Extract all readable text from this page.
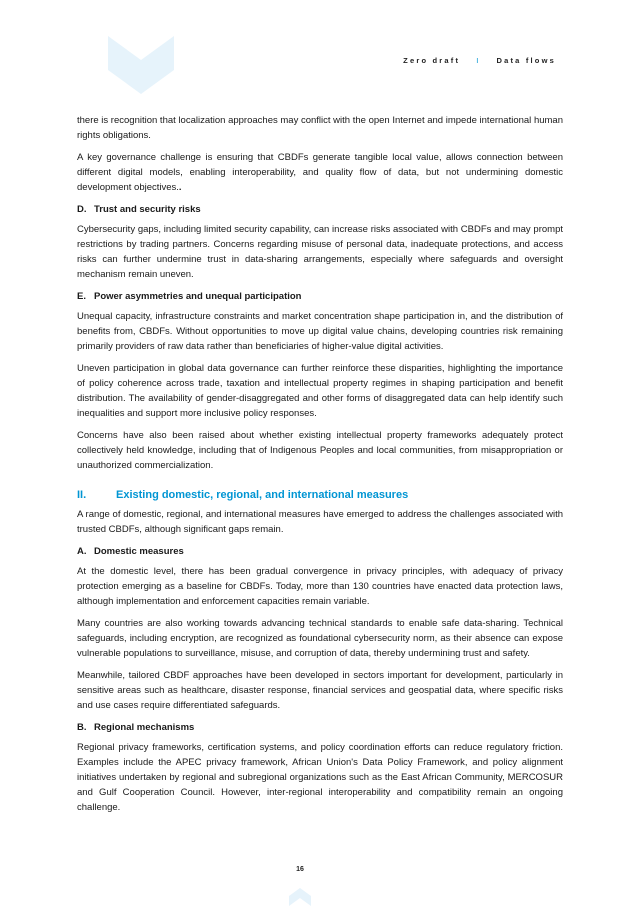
Zero draft I Data flows

there is recognition that localization approaches may conflict with the open Internet and impede international human rights obligations.

A key governance challenge is ensuring that CBDFs generate tangible local value, allows connection between different digital models, enabling interoperability, and quality flow of data, but not undermining domestic development objectives..

D. Trust and security risks

Cybersecurity gaps, including limited security capability, can increase risks associated with CBDFs and may prompt restrictions by trading partners. Concerns regarding misuse of personal data, inadequate protections, and access risks can further undermine trust in data-sharing arrangements, especially where safeguards and oversight mechanism remain uneven.

E. Power asymmetries and unequal participation

Unequal capacity, infrastructure constraints and market concentration shape participation in, and the distribution of benefits from, CBDFs. Without opportunities to move up digital value chains, developing countries risk remaining primarily providers of raw data rather than beneficiaries of higher-value digital activities.

Uneven participation in global data governance can further reinforce these disparities, highlighting the importance of policy coherence across trade, taxation and intellectual property regimes in shaping participation and benefit distribution. The availability of gender-disaggregated and other forms of disaggregated data can help identify such inequalities and support more inclusive policy responses.

Concerns have also been raised about whether existing intellectual property frameworks adequately protect collectively held knowledge, including that of Indigenous Peoples and local communities, from misappropriation or unauthorized commercialization.

II.	Existing domestic, regional, and international measures

A range of domestic, regional, and international measures have emerged to address the challenges associated with trusted CBDFs, although significant gaps remain.

A. Domestic measures

At the domestic level, there has been gradual convergence in privacy principles, with adequacy of privacy protection emerging as a baseline for CBDFs. Today, more than 130 countries have enacted data protection laws, although implementation and enforcement capacities remain variable.

Many countries are also working towards advancing technical standards to enable safe data-sharing. Technical safeguards, including encryption, are recognized as foundational cybersecurity norm, as their absence can expose vulnerable populations to surveillance, misuse, and corruption of data, thereby undermining trust and safety.

Meanwhile, tailored CBDF approaches have been developed in sectors important for development, particularly in sensitive areas such as healthcare, disaster response, financial services and geospatial data, where specific risks and use cases require differentiated safeguards.

B. Regional mechanisms

Regional privacy frameworks, certification systems, and policy coordination efforts can reduce regulatory friction. Examples include the APEC privacy framework, African Union's Data Policy Framework, and policy alignment initiatives undertaken by regional and subregional organizations such as the East African Community, MERCOSUR and Gulf Cooperation Council. However, inter-regional interoperability and compatibility remain an ongoing challenge.

16
